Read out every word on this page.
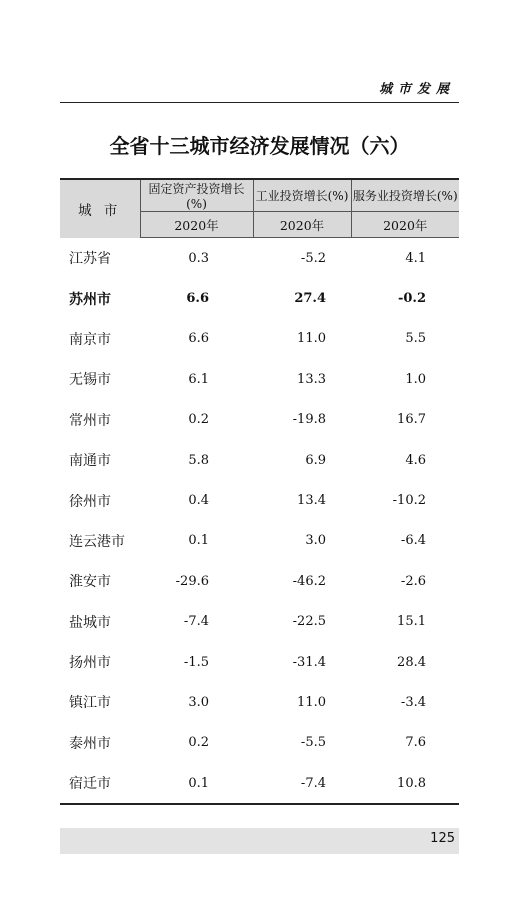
城市发展
全省十三城市经济发展情况（六）
城 市	固定资产投资增长(%)	工业投资增长(%)	服务业投资增长(%)
	2020年	2020年	2020年
江苏省	0.3	-5.2	4.1
苏州市	6.6	27.4	-0.2
南京市	6.6	11.0	5.5
无锡市	6.1	13.3	1.0
常州市	0.2	-19.8	16.7
南通市	5.8	6.9	4.6
徐州市	0.4	13.4	-10.2
连云港市	0.1	3.0	-6.4
淮安市	-29.6	-46.2	-2.6
盐城市	-7.4	-22.5	15.1
扬州市	-1.5	-31.4	28.4
镇江市	3.0	11.0	-3.4
泰州市	0.2	-5.5	7.6
宿迁市	0.1	-7.4	10.8
125
